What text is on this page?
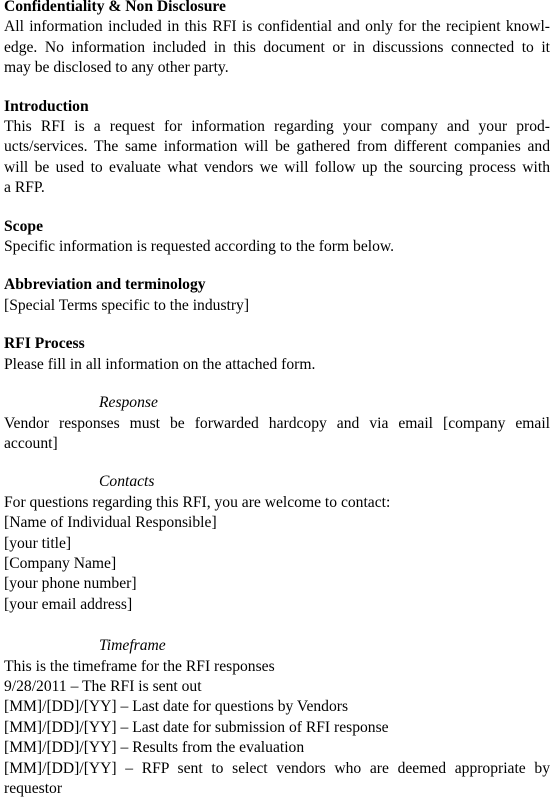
Confidentiality & Non Disclosure

All information included in this RFI is confidential and only for the recipient knowl-

edge. No information included in this document or in discussions connected to it

may be disclosed to any other party.

Introduction

This RFI is a request for information regarding your company and your prod-

ucts/services. The same information will be gathered from different companies and

will be used to evaluate what vendors we will follow up the sourcing process with

a RFP.

Scope

Specific information is requested according to the form below.

Abbreviation and terminology

[Special Terms specific to the industry]

RFI Process

Please fill in all information on the attached form.

Response

Vendor responses must be forwarded hardcopy and via email [company email

account]

Contacts

For questions regarding this RFI, you are welcome to contact:

[Name of Individual Responsible]

[your title]

[Company Name]

[your phone number]

[your email address]

Timeframe

This is the timeframe for the RFI responses

9/28/2011 – The RFI is sent out

[MM]/[DD]/[YY] – Last date for questions by Vendors

[MM]/[DD]/[YY] – Last date for submission of RFI response

[MM]/[DD]/[YY] – Results from the evaluation

[MM]/[DD]/[YY] – RFP sent to select vendors who are deemed appropriate by

requestor
